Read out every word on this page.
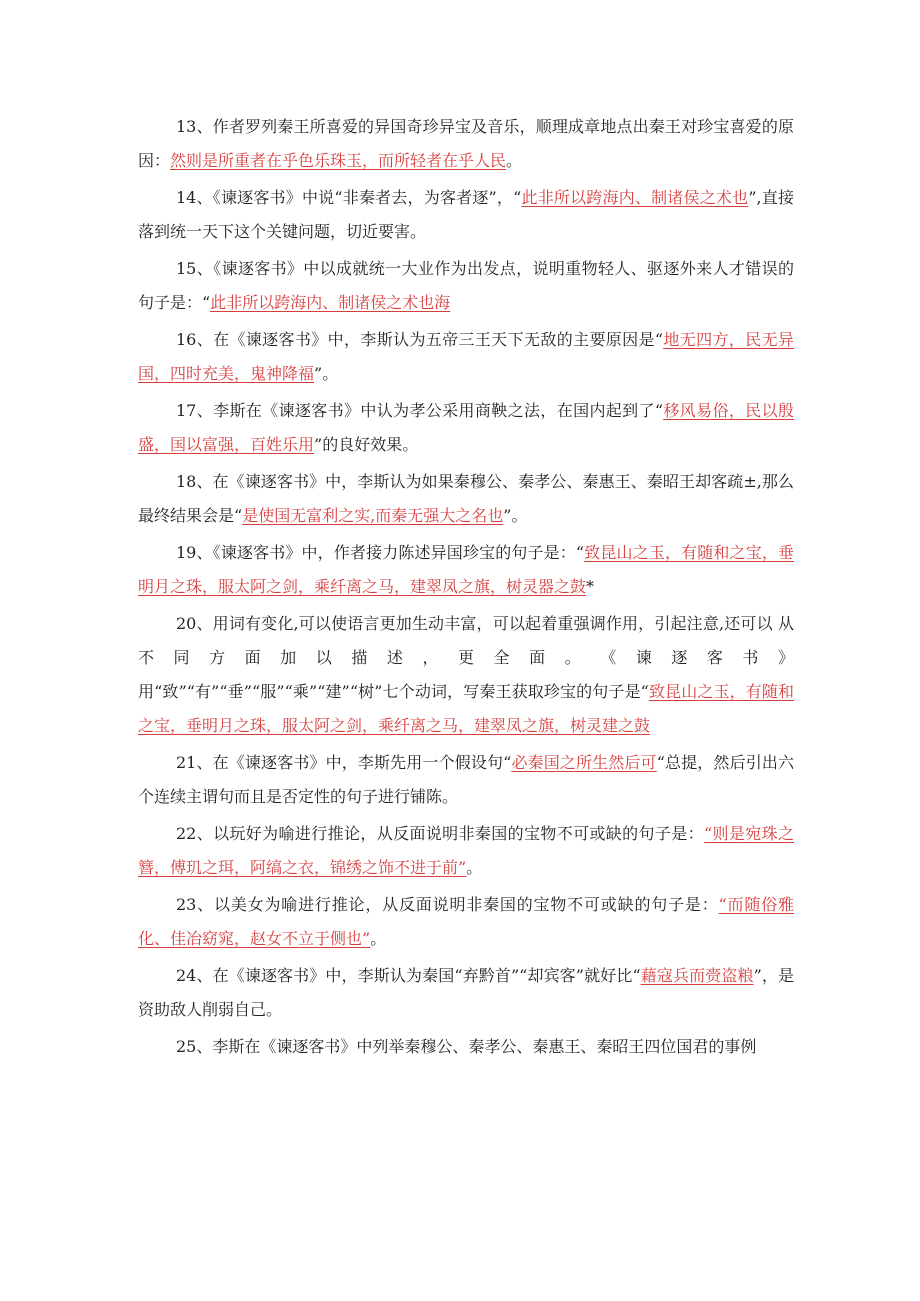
13、作者罗列秦王所喜爱的异国奇珍异宝及音乐，顺理成章地点出秦王对珍宝喜爱的原因：然则是所重者在乎色乐珠玉，而所轻者在乎人民。

14、《谏逐客书》中说“非秦者去，为客者逐”，“此非所以跨海内、制诸侯之术也”,直接落到统一天下这个关键问题，切近要害。

15、《谏逐客书》中以成就统一大业作为出发点，说明重物轻人、驱逐外来人才错误的句子是：“此非所以跨海内、制诸侯之术也海

16、在《谏逐客书》中，李斯认为五帝三王天下无敌的主要原因是“地无四方，民无异国，四时充美，鬼神降福”。

17、李斯在《谏逐客书》中认为孝公采用商鞅之法，在国内起到了“移风易俗，民以殷盛，国以富强，百姓乐用”的良好效果。

18、在《谏逐客书》中，李斯认为如果秦穆公、秦孝公、秦惠王、秦昭王却客疏±,那么最终结果会是“是使国无富利之实,而秦无强大之名也”。

19、《谏逐客书》中，作者接力陈述异国珍宝的句子是：“致昆山之玉，有随和之宝，垂明月之珠，服太阿之剑，乘纤离之马，建翠凤之旗，树灵器之鼓*

20、用词有变化,可以使语言更加生动丰富，可以起着重强调作用，引起注意,还可以 从 不 同 方 面 加 以 描 述 ， 更 全 面 。 《 谏 逐 客 书 》 用“致”“有”“垂”“服”“乘”“建”“树”七个动词，写秦王获取珍宝的句子是“致昆山之玉，有随和之宝，垂明月之珠，服太阿之剑，乘纤离之马，建翠凤之旗，树灵建之鼓

21、在《谏逐客书》中，李斯先用一个假设句“必秦国之所生然后可“总提，然后引出六个连续主谓句而且是否定性的句子进行铺陈。

22、以玩好为喻进行推论，从反面说明非秦国的宝物不可或缺的句子是：“则是宛珠之簪，傅玑之珥，阿缟之衣，锦绣之饰不进于前”。

23、以美女为喻进行推论，从反面说明非秦国的宝物不可或缺的句子是：“而随俗雅化、佳冶窈窕，赵女不立于侧也”。

24、在《谏逐客书》中，李斯认为秦国“弃黔首”“却宾客”就好比“藉寇兵而赍盗粮”，是资助敌人削弱自己。

25、李斯在《谏逐客书》中列举秦穆公、秦孝公、秦惠王、秦昭王四位国君的事例
